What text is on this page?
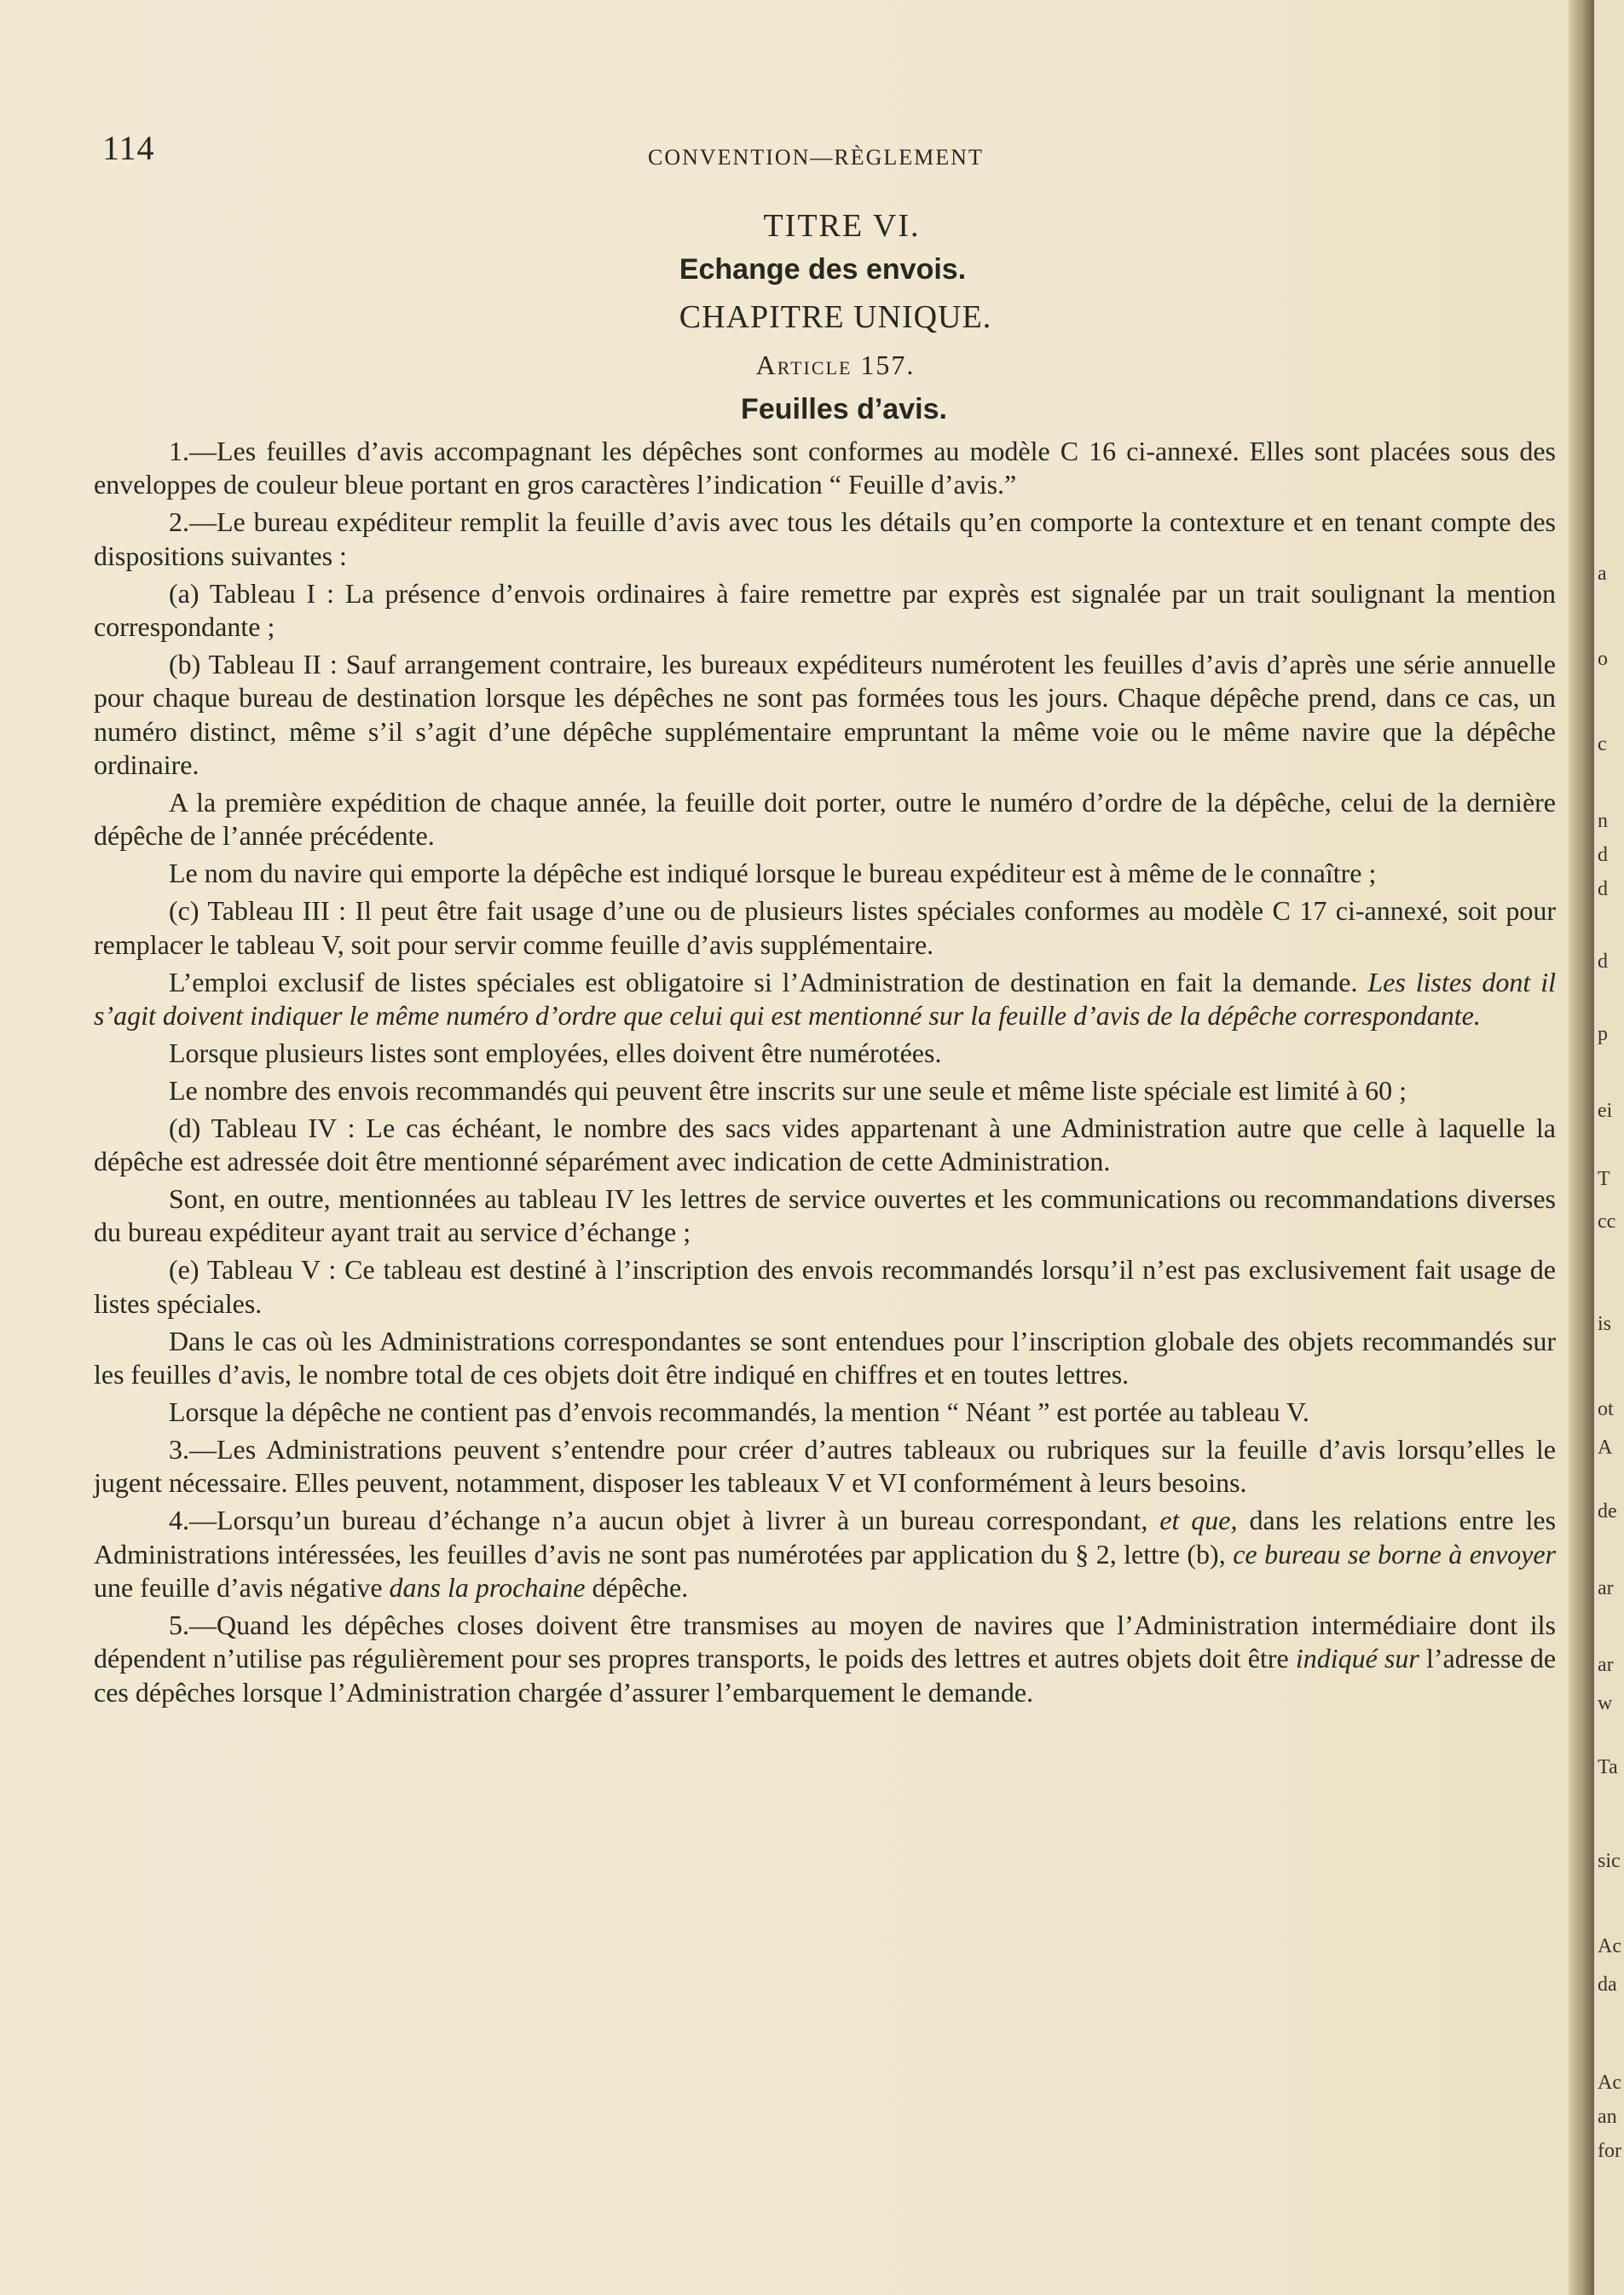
114	CONVENTION—RÈGLEMENT
TITRE VI.
Echange des envois.
CHAPITRE UNIQUE.
Article 157.
Feuilles d’avis.

1.—Les feuilles d’avis accompagnant les dépêches sont conformes au modèle C 16 ci-annexé. Elles sont placées sous des enveloppes de couleur bleue portant en gros caractères l’indication “ Feuille d’avis.”

2.—Le bureau expéditeur remplit la feuille d’avis avec tous les détails qu’en comporte la contexture et en tenant compte des dispositions suivantes :

(a) Tableau I : La présence d’envois ordinaires à faire remettre par exprès est signalée par un trait soulignant la mention correspondante ;

(b) Tableau II : Sauf arrangement contraire, les bureaux expéditeurs numérotent les feuilles d’avis d’après une série annuelle pour chaque bureau de destination lorsque les dépêches ne sont pas formées tous les jours. Chaque dépêche prend, dans ce cas, un numéro distinct, même s’il s’agit d’une dépêche supplémentaire empruntant la même voie ou le même navire que la dépêche ordinaire.

A la première expédition de chaque année, la feuille doit porter, outre le numéro d’ordre de la dépêche, celui de la dernière dépêche de l’année précédente.

Le nom du navire qui emporte la dépêche est indiqué lorsque le bureau expéditeur est à même de le connaître ;

(c) Tableau III : Il peut être fait usage d’une ou de plusieurs listes spéciales conformes au modèle C 17 ci-annexé, soit pour remplacer le tableau V, soit pour servir comme feuille d’avis supplémentaire.

L’emploi exclusif de listes spéciales est obligatoire si l’Administration de destination en fait la demande. Les listes dont il s’agit doivent indiquer le même numéro d’ordre que celui qui est mentionné sur la feuille d’avis de la dépêche correspondante.

Lorsque plusieurs listes sont employées, elles doivent être numérotées.

Le nombre des envois recommandés qui peuvent être inscrits sur une seule et même liste spéciale est limité à 60 ;

(d) Tableau IV : Le cas échéant, le nombre des sacs vides appartenant à une Administration autre que celle à laquelle la dépêche est adressée doit être mentionné séparément avec indication de cette Administration.

Sont, en outre, mentionnées au tableau IV les lettres de service ouvertes et les communications ou recommandations diverses du bureau expéditeur ayant trait au service d’échange ;

(e) Tableau V : Ce tableau est destiné à l’inscription des envois recommandés lorsqu’il n’est pas exclusivement fait usage de listes spéciales.

Dans le cas où les Administrations correspondantes se sont entendues pour l’inscription globale des objets recommandés sur les feuilles d’avis, le nombre total de ces objets doit être indiqué en chiffres et en toutes lettres.

Lorsque la dépêche ne contient pas d’envois recommandés, la mention “ Néant ” est portée au tableau V.

3.—Les Administrations peuvent s’entendre pour créer d’autres tableaux ou rubriques sur la feuille d’avis lorsqu’elles le jugent nécessaire. Elles peuvent, notamment, disposer les tableaux V et VI conformément à leurs besoins.

4.—Lorsqu’un bureau d’échange n’a aucun objet à livrer à un bureau correspondant, et que, dans les relations entre les Administrations intéressées, les feuilles d’avis ne sont pas numérotées par application du § 2, lettre (b), ce bureau se borne à envoyer une feuille d’avis négative dans la prochaine dépêche.

5.—Quand les dépêches closes doivent être transmises au moyen de navires que l’Administration intermédiaire dont ils dépendent n’utilise pas régulièrement pour ses propres transports, le poids des lettres et autres objets doit être indiqué sur l’adresse de ces dépêches lorsque l’Administration chargée d’assurer l’embarquement le demande.

a
o
c
n
d
d
d
p
ei
T
cc
is
ot
A
de
ar
ar
w
Ta
sic
Ac
da
Ac
an
for
